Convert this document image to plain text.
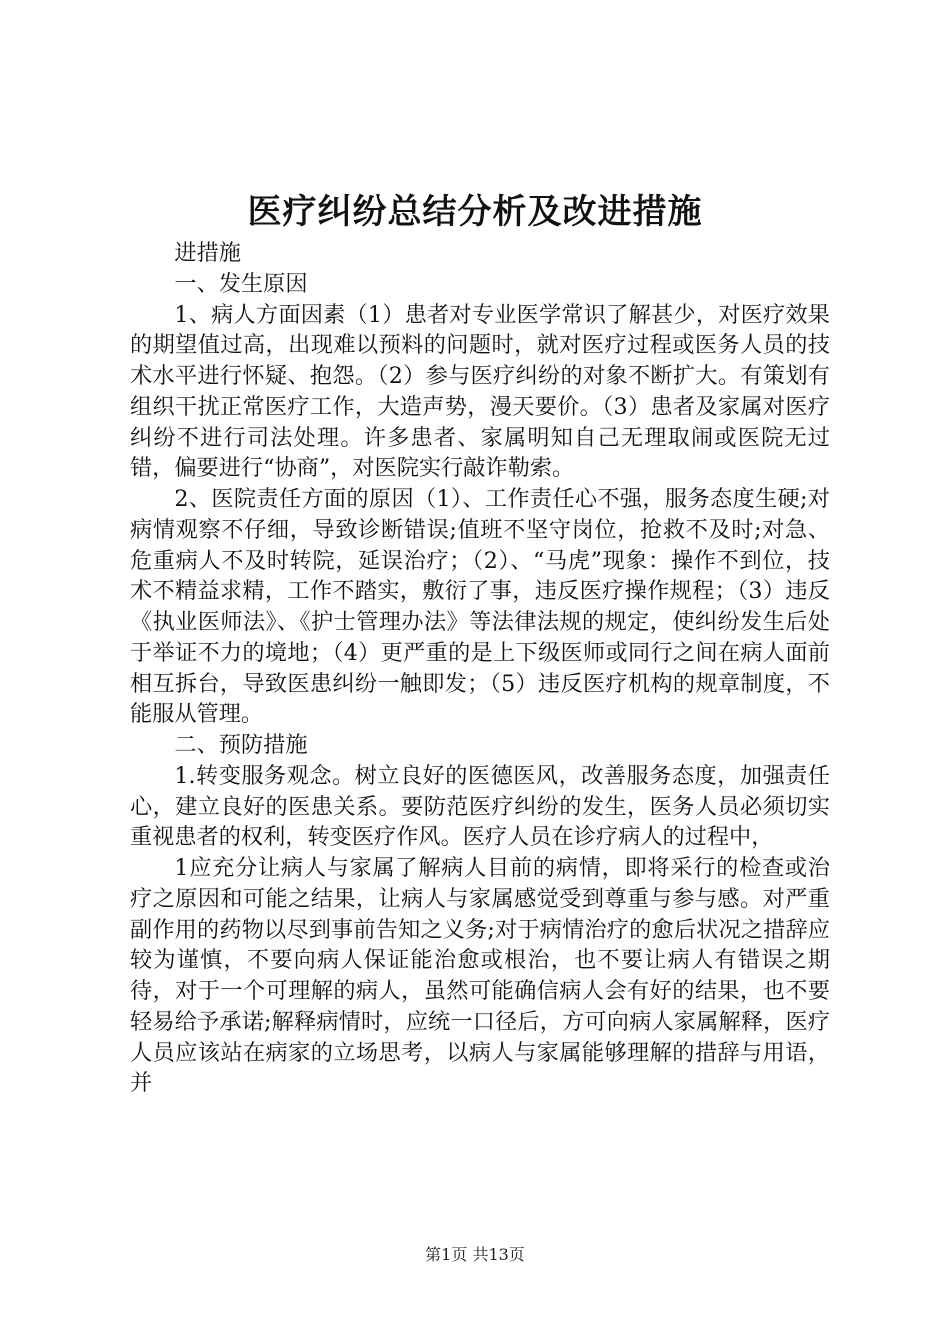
医疗纠纷总结分析及改进措施

进措施

一、发生原因

1、病人方面因素（1）患者对专业医学常识了解甚少，对医疗效果的期望值过高，出现难以预料的问题时，就对医疗过程或医务人员的技术水平进行怀疑、抱怨。（2）参与医疗纠纷的对象不断扩大。有策划有组织干扰正常医疗工作，大造声势，漫天要价。（3）患者及家属对医疗纠纷不进行司法处理。许多患者、家属明知自己无理取闹或医院无过错，偏要进行“协商”，对医院实行敲诈勒索。

2、医院责任方面的原因（1）、工作责任心不强，服务态度生硬;对病情观察不仔细，导致诊断错误;值班不坚守岗位，抢救不及时;对急、危重病人不及时转院，延误治疗；（2）、“马虎”现象：操作不到位，技术不精益求精，工作不踏实，敷衍了事，违反医疗操作规程；（3）违反《执业医师法》、《护士管理办法》等法律法规的规定，使纠纷发生后处于举证不力的境地；（4）更严重的是上下级医师或同行之间在病人面前相互拆台，导致医患纠纷一触即发；（5）违反医疗机构的规章制度，不能服从管理。

二、预防措施

1.转变服务观念。树立良好的医德医风，改善服务态度，加强责任心，建立良好的医患关系。要防范医疗纠纷的发生，医务人员必须切实重视患者的权利，转变医疗作风。医疗人员在诊疗病人的过程中，

1应充分让病人与家属了解病人目前的病情，即将采行的检查或治疗之原因和可能之结果，让病人与家属感觉受到尊重与参与感。对严重副作用的药物以尽到事前告知之义务;对于病情治疗的愈后状况之措辞应较为谨慎，不要向病人保证能治愈或根治，也不要让病人有错误之期待，对于一个可理解的病人，虽然可能确信病人会有好的结果，也不要轻易给予承诺;解释病情时，应统一口径后，方可向病人家属解释，医疗人员应该站在病家的立场思考，以病人与家属能够理解的措辞与用语，并

第1页 共13页
